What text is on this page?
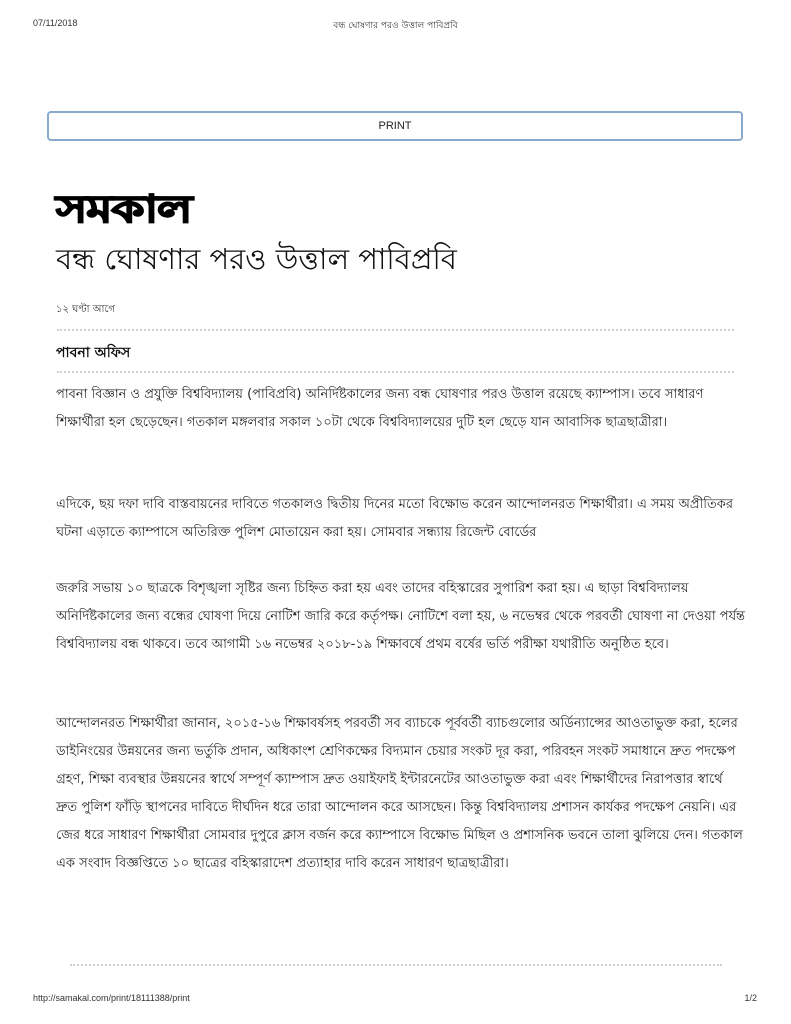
07/11/2018	বন্ধ ঘোষণার পরও উত্তাল পাবিপ্রবি
PRINT
সমকাল
বন্ধ ঘোষণার পরও উত্তাল পাবিপ্রবি
১২ ঘণ্টা আগে
পাবনা অফিস

পাবনা বিজ্ঞান ও প্রযুক্তি বিশ্ববিদ্যালয় (পাবিপ্রবি) অনির্দিষ্টকালের জন্য বন্ধ ঘোষণার পরও উত্তাল রয়েছে ক্যাম্পাস। তবে সাধারণ শিক্ষার্থীরা হল ছেড়েছেন। গতকাল মঙ্গলবার সকাল ১০টা থেকে বিশ্ববিদ্যালয়ের দুটি হল ছেড়ে যান আবাসিক ছাত্রছাত্রীরা।

এদিকে, ছয় দফা দাবি বাস্তবায়নের দাবিতে গতকালও দ্বিতীয় দিনের মতো বিক্ষোভ করেন আন্দোলনরত শিক্ষার্থীরা। এ সময় অপ্রীতিকর ঘটনা এড়াতে ক্যাম্পাসে অতিরিক্ত পুলিশ মোতায়েন করা হয়। সোমবার সন্ধ্যায় রিজেন্ট বোর্ডের

জরুরি সভায় ১০ ছাত্রকে বিশৃঙ্খলা সৃষ্টির জন্য চিহ্নিত করা হয় এবং তাদের বহিস্কারের সুপারিশ করা হয়। এ ছাড়া বিশ্ববিদ্যালয় অনির্দিষ্টকালের জন্য বন্ধের ঘোষণা দিয়ে নোটিশ জারি করে কর্তৃপক্ষ। নোটিশে বলা হয়, ৬ নভেম্বর থেকে পরবর্তী ঘোষণা না দেওয়া পর্যন্ত বিশ্ববিদ্যালয় বন্ধ থাকবে। তবে আগামী ১৬ নভেম্বর ২০১৮-১৯ শিক্ষাবর্ষে প্রথম বর্ষের ভর্তি পরীক্ষা যথারীতি অনুষ্ঠিত হবে।

আন্দোলনরত শিক্ষার্থীরা জানান, ২০১৫-১৬ শিক্ষাবর্ষসহ পরবর্তী সব ব্যাচকে পূর্ববর্তী ব্যাচগুলোর অর্ডিন্যান্সের আওতাভুক্ত করা, হলের ডাইনিংয়ের উন্নয়নের জন্য ভর্তুকি প্রদান, অধিকাংশ শ্রেণিকক্ষের বিদ্যমান চেয়ার সংকট দূর করা, পরিবহন সংকট সমাধানে দ্রুত পদক্ষেপ গ্রহণ, শিক্ষা ব্যবস্থার উন্নয়নের স্বার্থে সম্পূর্ণ ক্যাম্পাস দ্রুত ওয়াইফাই ইন্টারনেটের আওতাভুক্ত করা এবং শিক্ষার্থীদের নিরাপত্তার স্বার্থে দ্রুত পুলিশ ফাঁড়ি স্থাপনের দাবিতে দীর্ঘদিন ধরে তারা আন্দোলন করে আসছেন। কিন্তু বিশ্ববিদ্যালয় প্রশাসন কার্যকর পদক্ষেপ নেয়নি। এর জের ধরে সাধারণ শিক্ষার্থীরা সোমবার দুপুরে ক্লাস বর্জন করে ক্যাম্পাসে বিক্ষোভ মিছিল ও প্রশাসনিক ভবনে তালা ঝুলিয়ে দেন। গতকাল এক সংবাদ বিজ্ঞপ্তিতে ১০ ছাত্রের বহিস্কারাদেশ প্রত্যাহার দাবি করেন সাধারণ ছাত্রছাত্রীরা।

http://samakal.com/print/18111388/print	1/2
